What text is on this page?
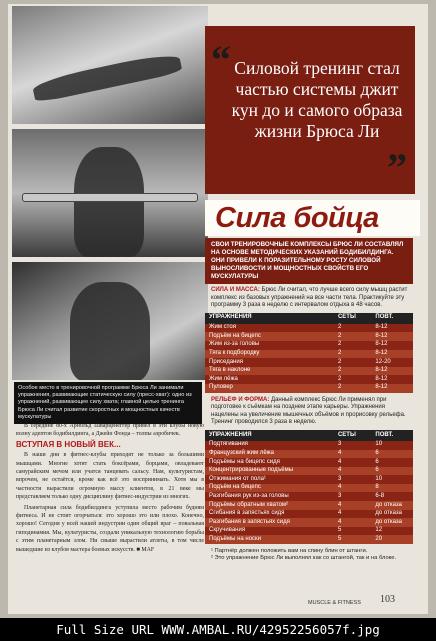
Особое место в тренировочной программе Брюса Ли занимали упражнения, развивающие статическую силу (пресс-хват): одно из упражнений, развивающее силу хвата; главной целью тренинга Брюса Ли считал развитие скоростных и мощностных качеств мускулатуры

В середине 80-х Арнольд Шварценеггер привёл в эти клубы новую волну адептов бодибилдинга, а Джейн Фонда – толпы аэробичек.

ВСТУПАЯ В НОВЫЙ ВЕК...

В наши дни в фитнес-клубы приходят не только за большими мышцами. Многие хотят стать боксёрами, борцами, овладевают самурайским мечом или учатся танцевать сальсу. Нам, культуристам, впрочем, не остаётся, кроме как всё это воспринимать. Хотя мы в частности вырастили огромную массу клиентов, в 21 веке мы представляем только одну дисциплину фитнес-индустрии из многих.

Планетарная сила бодибилдинга уступила место рабочим будням фитнеса. И не стоит огорчаться: это хорошо это или плохо. Конечно, хорошо! Сегодня у всей нашей индустрии один общий враг – повальная гиподинамия. Мы, культуристы, создали уникальную технологию борьбы с этим планетарным злом. Ни свыше вырастили атлеты, в том числе вышедшие из клубов мастера боевых искусств. ■ MAF

“ Силовой тренинг стал частью системы джит кун до и самого образа жизни Брюса Ли
”
Сила бойца
СВОИ ТРЕНИРОВОЧНЫЕ КОМПЛЕКСЫ БРЮС ЛИ СОСТАВЛЯЛ НА ОСНОВЕ МЕТОДИЧЕСКИХ УКАЗАНИЙ БОДИБИЛДИНГА. ОНИ ПРИВЕЛИ К ПОРАЗИТЕЛЬНОМУ РОСТУ СИЛОВОЙ ВЫНОСЛИВОСТИ И МОЩНОСТНЫХ СВОЙСТВ ЕГО МУСКУЛАТУРЫ

СИЛА И МАССА: Брюс Ли считал, что лучше всего силу мышц растит комплекс из базовых упражнений на все части тела. Практикуйте эту программу 3 раза в неделю с интервалом отдыха в 48 часов.

УПРАЖНЕНИЯ	СЕТЫ	ПОВТ.
Жим стоя	2	8-12
Подъём на бицепс	2	8-12
Жим из-за головы	2	8-12
Тяга к подбородку	2	8-12
Приседания	2	12-20
Тяга в наклоне	2	8-12
Жим лёжа	2	8-12
Пуловер	2	8-12

РЕЛЬЕФ И ФОРМА: Данный комплекс Брюс Ли применял при подготовке к съёмкам на позднем этапе карьеры. Упражнения нацелены на увеличение мышечных объёмов и прорисовку рельефа. Тренинг проводился 3 раза в неделю.

УПРАЖНЕНИЯ	СЕТЫ	ПОВТ.
Подтягивания	3	10
Французский жим лёжа	4	6
Подъёмы на бицепс сидя	4	6
Концентрированные подъёмы	4	6
Отжимания от пола¹	3	10
Подъём на бицепс	4	8
Разгибания рук из-за головы	3	6-8
Подъёмы обратным хватом²	4	до отказа
Сгибания в запястьях сидя	4	до отказа
Разгибания в запястьях сидя	4	до отказа
Скручивания	5	12
Подъёмы на носки	5	20
¹ Партнёр должен положить вам на спину блин от штанги.
² Это упражнение Брюс Ли выполнял как со штангой, так и на блоке.
MUSCLE & FITNESS 103
Full Size URL WWW.AMBAL.RU/42952256057f.jpg
